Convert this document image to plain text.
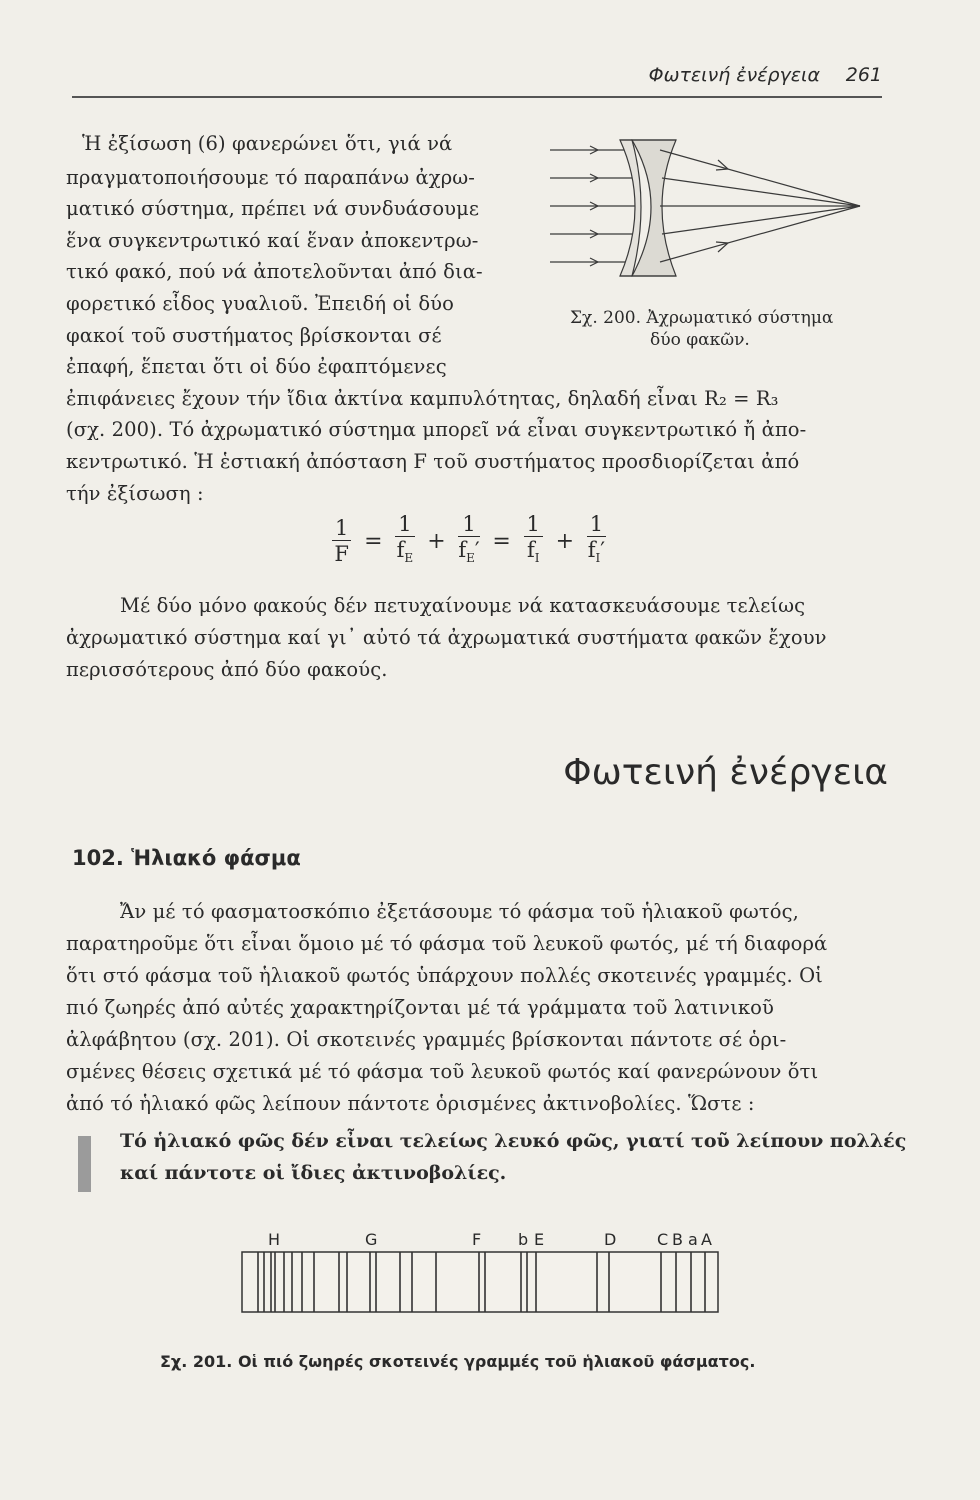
Φωτεινή ἐνέργεια 261
Ἡ ἐξίσωση (6) φανερώνει ὅτι, γιά νά
πραγματοποιήσουμε τό παραπάνω ἀχρω-
ματικό σύστημα, πρέπει νά συνδυάσουμε
ἕνα συγκεντρωτικό καί ἕναν ἀποκεντρω-
τικό φακό, πού νά ἀποτελοῦνται ἀπό δια-
φορετικό εἶδος γυαλιοῦ. Ἐπειδή οἱ δύο
φακοί τοῦ συστήματος βρίσκονται σέ
ἐπαφή, ἕπεται ὅτι οἱ δύο ἐφαπτόμενες
ἐπιφάνειες ἔχουν τήν ἴδια ἀκτίνα καμπυλότητας, δηλαδή εἶναι R₂ = R₃
(σχ. 200). Τό ἀχρωματικό σύστημα μπορεῖ νά εἶναι συγκεντρωτικό ἤ ἀπο-
κεντρωτικό. Ἡ ἑστιακή ἀπόσταση F τοῦ συστήματος προσδιορίζεται ἀπό
τήν ἐξίσωση :
Σχ. 200. Ἀχρωματικό σύστημα
δύο φακῶν.
$\frac{1}{F} = \frac{1}{f_E} + \frac{1}{f_E'} = \frac{1}{f_I} + \frac{1}{f_I'}$
Μέ δύο μόνο φακούς δέν πετυχαίνουμε νά κατασκευάσουμε τελείως
ἀχρωματικό σύστημα καί γι᾽ αὐτό τά ἀχρωματικά συστήματα φακῶν ἔχουν
περισσότερους ἀπό δύο φακούς.
Φωτεινή ἐνέργεια
102. Ἡλιακό φάσμα
Ἄν μέ τό φασματοσκόπιο ἐξετάσουμε τό φάσμα τοῦ ἡλιακοῦ φωτός,
παρατηροῦμε ὅτι εἶναι ὅμοιο μέ τό φάσμα τοῦ λευκοῦ φωτός, μέ τή διαφορά
ὅτι στό φάσμα τοῦ ἡλιακοῦ φωτός ὑπάρχουν πολλές σκοτεινές γραμμές. Οἱ
πιό ζωηρές ἀπό αὐτές χαρακτηρίζονται μέ τά γράμματα τοῦ λατινικοῦ
ἀλφάβητου (σχ. 201). Οἱ σκοτεινές γραμμές βρίσκονται πάντοτε σέ ὁρι-
σμένες θέσεις σχετικά μέ τό φάσμα τοῦ λευκοῦ φωτός καί φανερώνουν ὅτι
ἀπό τό ἡλιακό φῶς λείπουν πάντοτε ὁρισμένες ἀκτινοβολίες. Ὥστε :
Τό ἡλιακό φῶς δέν εἶναι τελείως λευκό φῶς, γιατί τοῦ λείπουν πολλές
καί πάντοτε οἱ ἴδιες ἀκτινοβολίες.
H	G	F b E	D	C B a A
Σχ. 201. Οἱ πιό ζωηρές σκοτεινές γραμμές τοῦ ἡλιακοῦ φάσματος.
